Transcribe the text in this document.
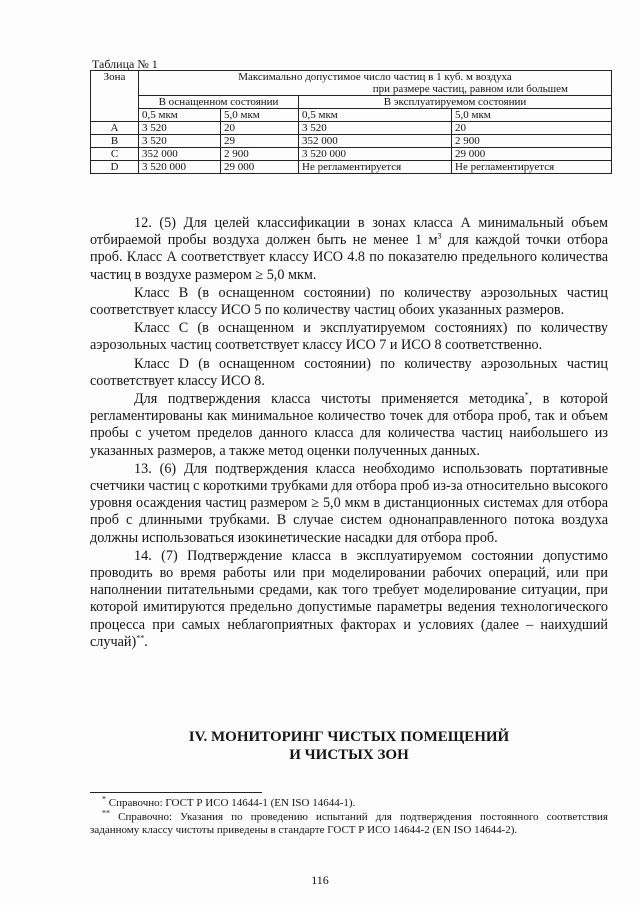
Таблица № 1
Зона	Максимально допустимое число частиц в 1 куб. м воздуха
при размере частиц, равном или большем			

	В оснащенном состоянии		В эксплуатируемом состоянии	
	0,5 мкм	5,0 мкм	0,5 мкм	5,0 мкм
A	3 520	20	3 520	20
B	3 520	29	352 000	2 900
C	352 000	2 900	3 520 000	29 000
D	3 520 000	29 000	Не регламентируется	Не регламентируется

12. (5) Для целей классификации в зонах класса А минимальный объем отбираемой пробы воздуха должен быть не менее 1 $м^3$ для каждой точки отбора проб. Класс А соответствует классу ИСО 4.8 по показателю предельного количества частиц в воздухе размером ≥ 5,0 мкм.

Класс В (в оснащенном состоянии) по количеству аэрозольных частиц соответствует классу ИСО 5 по количеству частиц обоих указанных размеров.

Класс С (в оснащенном и эксплуатируемом состояниях) по количеству аэрозольных частиц соответствует классу ИСО 7 и ИСО 8 соответственно.

Класс D (в оснащенном состоянии) по количеству аэрозольных частиц соответствует классу ИСО 8.

Для подтверждения класса чистоты применяется методика*, в которой регламентированы как минимальное количество точек для отбора проб, так и объем пробы с учетом пределов данного класса для количества частиц наибольшего из указанных размеров, а также метод оценки полученных данных.

13. (6) Для подтверждения класса необходимо использовать портативные счетчики частиц с короткими трубками для отбора проб из-за относительно высокого уровня осаждения частиц размером ≥ 5,0 мкм в дистанционных системах для отбора проб с длинными трубками. В случае систем однонаправленного потока воздуха должны использоваться изокинетические насадки для отбора проб.

14. (7) Подтверждение класса в эксплуатируемом состоянии допустимо проводить во время работы или при моделировании рабочих операций, или при наполнении питательными средами, как того требует моделирование ситуации, при которой имитируются предельно допустимые параметры ведения технологического процесса при самых неблагоприятных факторах и условиях (далее – наихудший случай)**.

IV. МОНИТОРИНГ ЧИСТЫХ ПОМЕЩЕНИЙ
И ЧИСТЫХ ЗОН

* Справочно: ГОСТ Р ИСО 14644-1 (EN ISO 14644-1).

** Справочно: Указания по проведению испытаний для подтверждения постоянного соответствия заданному классу чистоты приведены в стандарте ГОСТ Р ИСО 14644-2 (EN ISO 14644-2).

116
